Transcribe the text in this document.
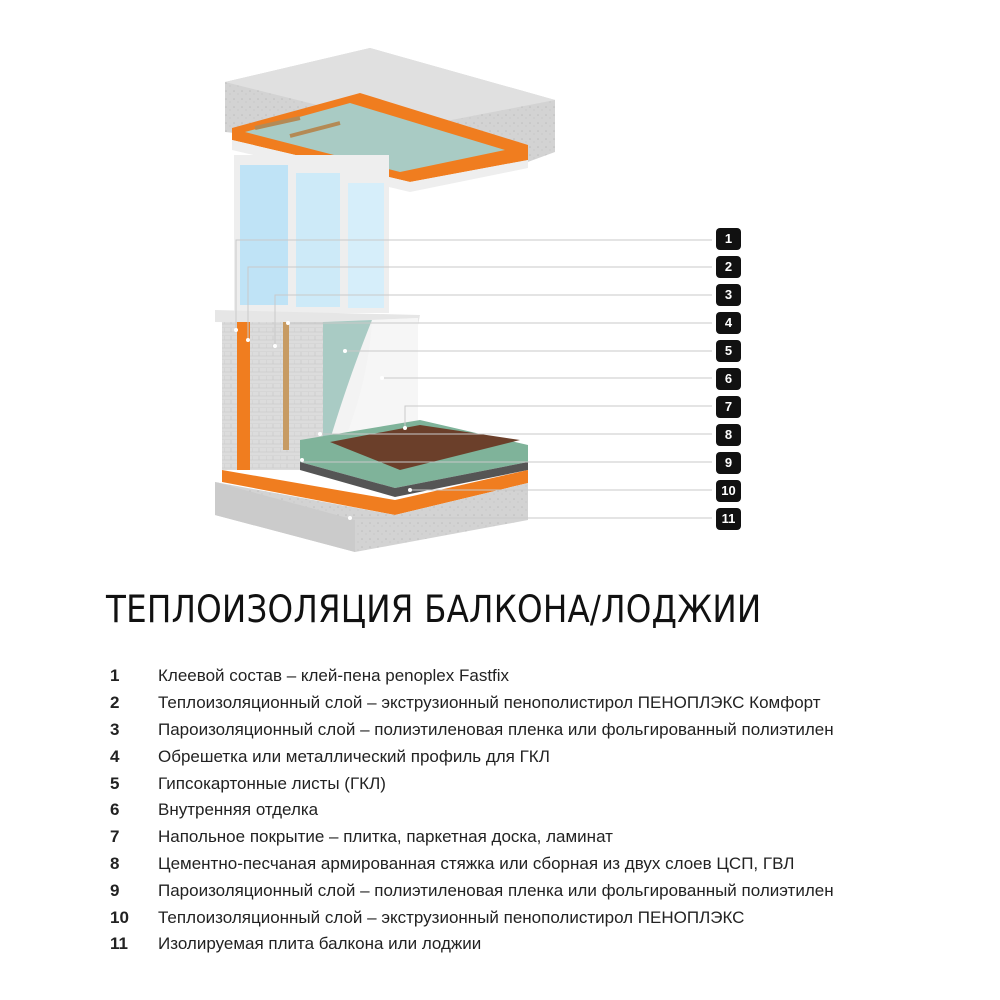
1
2
3
4
5
6
7
8
9
10
11
ТЕПЛОИЗОЛЯЦИЯ БАЛКОНА/ЛОДЖИИ
1	Клеевой состав – клей-пена penoplex Fastfix
2	Теплоизоляционный слой – экструзионный пенополистирол ПЕНОПЛЭКС Комфорт
3	Пароизоляционный слой – полиэтиленовая пленка или фольгированный полиэтилен
4	Обрешетка или металлический профиль для ГКЛ
5	Гипсокартонные листы (ГКЛ)
6	Внутренняя отделка
7	Напольное покрытие – плитка, паркетная доска, ламинат
8	Цементно-песчаная армированная стяжка или сборная из двух слоев ЦСП, ГВЛ
9	Пароизоляционный слой – полиэтиленовая пленка или фольгированный полиэтилен
10	Теплоизоляционный слой – экструзионный пенополистирол ПЕНОПЛЭКС
11	Изолируемая плита балкона или лоджии
